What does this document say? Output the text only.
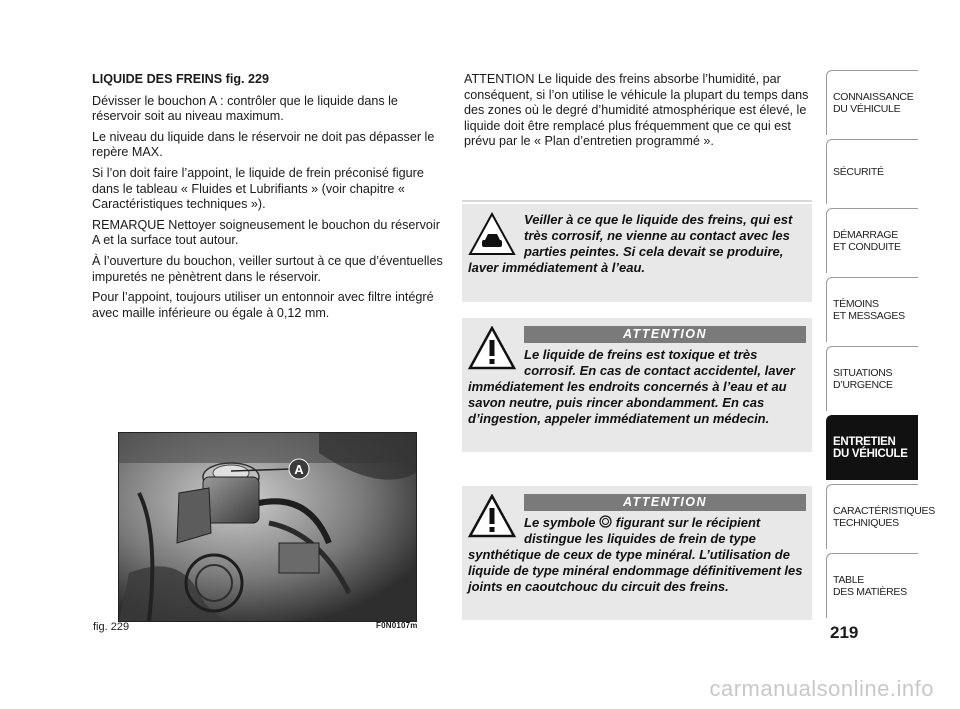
LIQUIDE DES FREINS fig. 229

Dévisser le bouchon A : contrôler que le liquide dans le réservoir soit au niveau maximum.

Le niveau du liquide dans le réservoir ne doit pas dépasser le repère MAX.

Si l’on doit faire l’appoint, le liquide de frein préconisé figure dans le tableau « Fluides et Lubrifiants » (voir chapitre « Caractéristiques techniques »).

REMARQUE Nettoyer soigneusement le bouchon du réservoir A et la surface tout autour.

À l’ouverture du bouchon, veiller surtout à ce que d’éventuelles impuretés ne pènètrent dans le réservoir.

Pour l’appoint, toujours utiliser un entonnoir avec filtre intégré avec maille inférieure ou égale à 0,12 mm.

A
fig. 229	F0N0107m

ATTENTION Le liquide des freins absorbe l’humidité, par conséquent, si l’on utilise le véhicule la plupart du temps dans des zones où le degré d’humidité atmosphérique est élevé, le liquide doit être remplacé plus fréquemment que ce qui est prévu par le « Plan d’entretien programmé ».

Veiller à ce que le liquide des freins, qui est très corrosif, ne vienne au contact avec les parties peintes. Si cela devait se produire, laver immédiatement à l’eau.

ATTENTION

Le liquide de freins est toxique et très corrosif. En cas de contact accidentel, laver immédiatement les endroits concernés à l’eau et au savon neutre, puis rincer abondamment. En cas d’ingestion, appeler immédiatement un médecin.

ATTENTION

Le symbole figurant sur le récipient distingue les liquides de frein de type synthétique de ceux de type minéral. L’utilisation de liquide de type minéral endommage définitivement les joints en caoutchouc du circuit des freins.

CONNAISSANCE
DU VÉHICULE
SÉCURITÉ
DÉMARRAGE
ET CONDUITE
TÉMOINS
ET MESSAGES
SITUATIONS
D’URGENCE
ENTRETIEN
DU VÉHICULE
CARACTÉRISTIQUES
TECHNIQUES
TABLE
DES MATIÈRES
219
carmanualsonline.info
